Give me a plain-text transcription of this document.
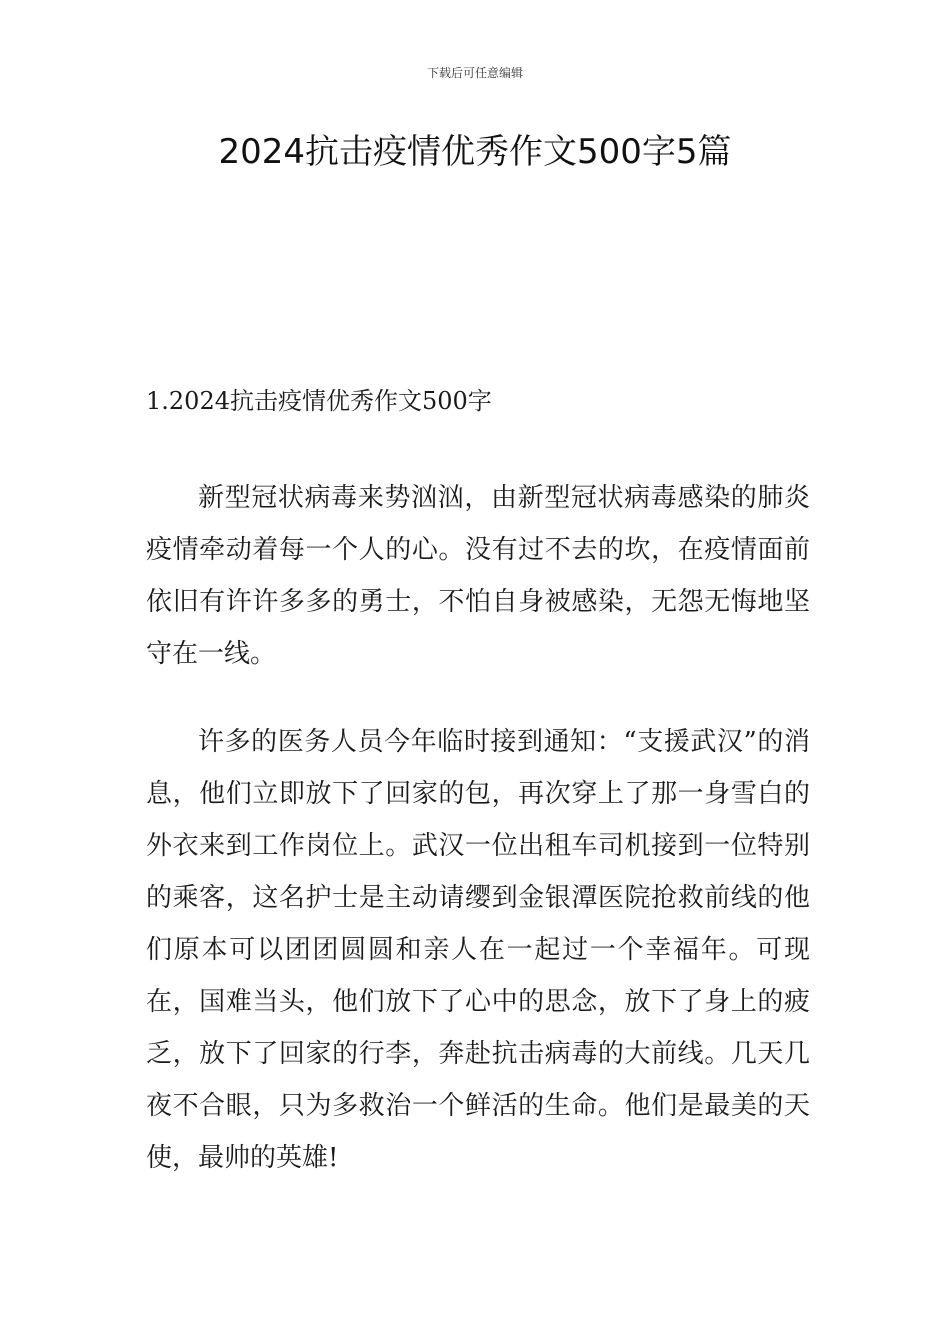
下载后可任意编辑
2024抗击疫情优秀作文500字5篇
1.2024抗击疫情优秀作文500字

新型冠状病毒来势汹汹，由新型冠状病毒感染的肺炎疫情牵动着每一个人的心。没有过不去的坎，在疫情面前依旧有许许多多的勇士，不怕自身被感染，无怨无悔地坚守在一线。

许多的医务人员今年临时接到通知：“支援武汉”的消息，他们立即放下了回家的包，再次穿上了那一身雪白的外衣来到工作岗位上。武汉一位出租车司机接到一位特别的乘客，这名护士是主动请缨到金银潭医院抢救前线的他们原本可以团团圆圆和亲人在一起过一个幸福年。可现在，国难当头，他们放下了心中的思念，放下了身上的疲乏，放下了回家的行李，奔赴抗击病毒的大前线。几天几夜不合眼，只为多救治一个鲜活的生命。他们是最美的天使，最帅的英雄!
